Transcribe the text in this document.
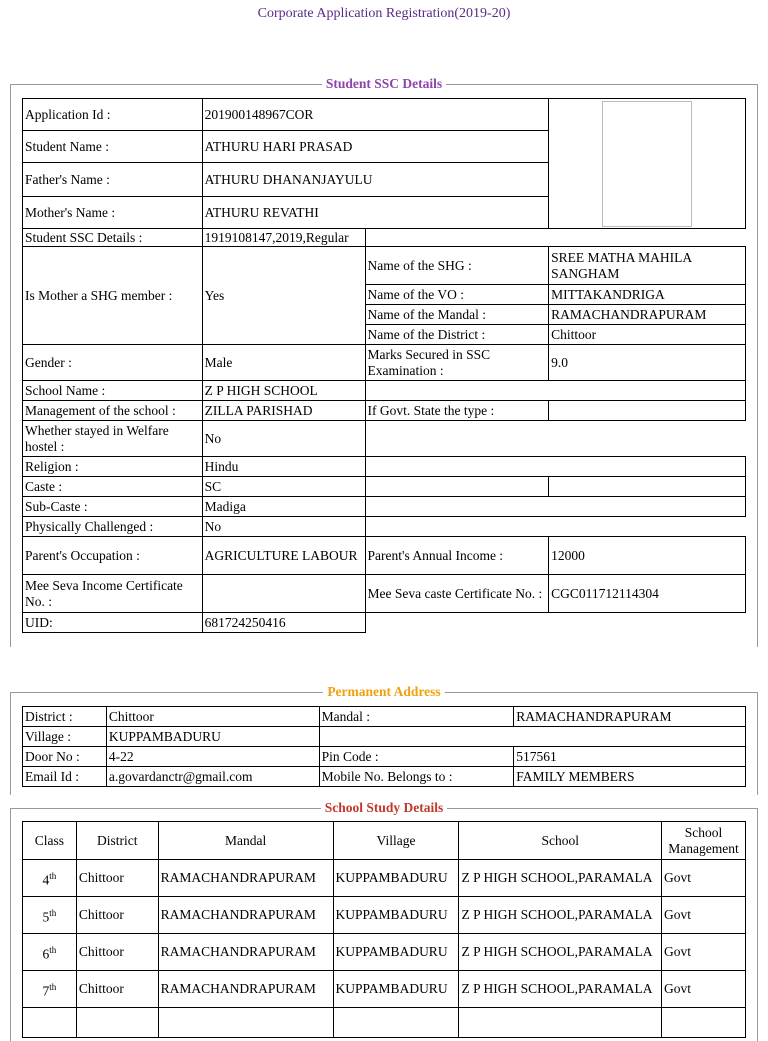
Corporate Application Registration(2019-20)
Student SSC Details
Application Id :	201900148967COR		
Student Name :	ATHURU HARI PRASAD		
Father's Name :	ATHURU DHANANJAYULU		
Mother's Name :	ATHURU REVATHI		
Student SSC Details :	1919108147,2019,Regular		
Is Mother a SHG member :	Yes	Name of the SHG :	SREE MATHA MAHILA SANGHAM
		Name of the VO :	MITTAKANDRIGA
		Name of the Mandal :	RAMACHANDRAPURAM
		Name of the District :	Chittoor
Gender :	Male	Marks Secured in SSC Examination :	9.0
School Name :	Z P HIGH SCHOOL		
Management of the school :	ZILLA PARISHAD	If Govt. State the type :	
Whether stayed in Welfare hostel :	No		
Religion :	Hindu		
Caste :	SC		
Sub-Caste :	Madiga		
Physically Challenged :	No		
Parent's Occupation :	AGRICULTURE LABOUR	Parent's Annual Income :	12000
Mee Seva Income Certificate No. :		Mee Seva caste Certificate No. :	CGC011712114304
UID:	681724250416		
Permanent Address
District :	Chittoor	Mandal :	RAMACHANDRAPURAM
Village :	KUPPAMBADURU		
Door No :	4-22	Pin Code :	517561
Email Id :	a.govardanctr@gmail.com	Mobile No. Belongs to :	FAMILY MEMBERS
School Study Details
Class	District	Mandal	Village	School	School Management
4th	Chittoor	RAMACHANDRAPURAM	KUPPAMBADURU	Z P HIGH SCHOOL,PARAMALA	Govt
5th	Chittoor	RAMACHANDRAPURAM	KUPPAMBADURU	Z P HIGH SCHOOL,PARAMALA	Govt
6th	Chittoor	RAMACHANDRAPURAM	KUPPAMBADURU	Z P HIGH SCHOOL,PARAMALA	Govt
7th	Chittoor	RAMACHANDRAPURAM	KUPPAMBADURU	Z P HIGH SCHOOL,PARAMALA	Govt
